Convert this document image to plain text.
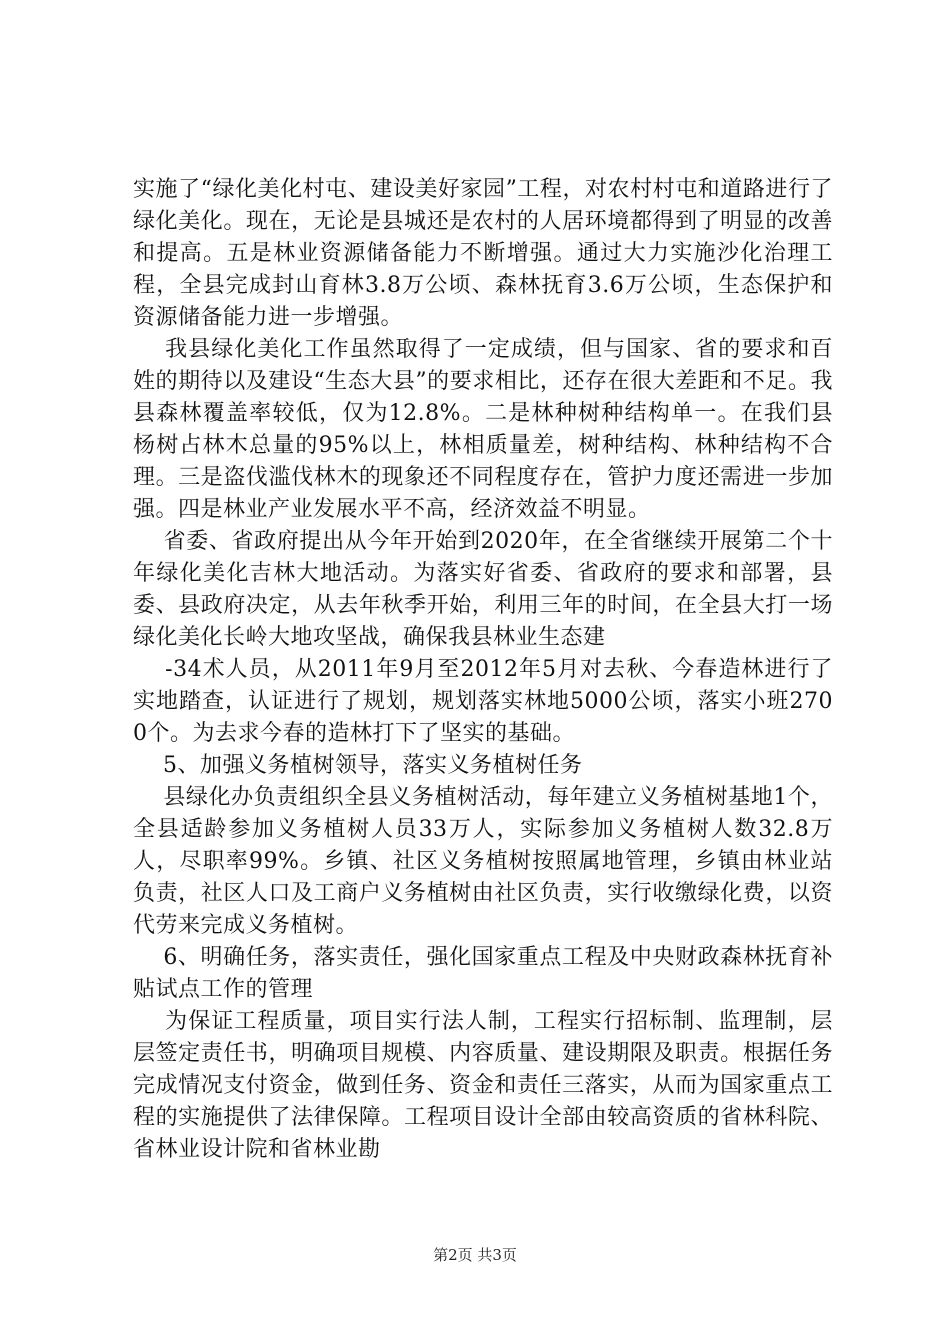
实施了“绿化美化村屯、建设美好家园”工程，对农村村屯和道路进行了绿化美化。现在，无论是县城还是农村的人居环境都得到了明显的改善和提高。五是林业资源储备能力不断增强。通过大力实施沙化治理工程，全县完成封山育林3.8万公顷、森林抚育3.6万公顷，生态保护和资源储备能力进一步增强。

我县绿化美化工作虽然取得了一定成绩，但与国家、省的要求和百姓的期待以及建设“生态大县”的要求相比，还存在很大差距和不足。我县森林覆盖率较低，仅为12.8%。二是林种树种结构单一。在我们县杨树占林木总量的95%以上，林相质量差，树种结构、林种结构不合理。三是盗伐滥伐林木的现象还不同程度存在，管护力度还需进一步加强。四是林业产业发展水平不高，经济效益不明显。

省委、省政府提出从今年开始到2020年，在全省继续开展第二个十年绿化美化吉林大地活动。为落实好省委、省政府的要求和部署，县委、县政府决定，从去年秋季开始，利用三年的时间，在全县大打一场绿化美化长岭大地攻坚战，确保我县林业生态建

-34术人员，从2011年9月至2012年5月对去秋、今春造林进行了实地踏查，认证进行了规划，规划落实林地5000公顷，落实小班2700个。为去求今春的造林打下了坚实的基础。

5、加强义务植树领导，落实义务植树任务

县绿化办负责组织全县义务植树活动，每年建立义务植树基地1个，全县适龄参加义务植树人员33万人，实际参加义务植树人数32.8万人，尽职率99%。乡镇、社区义务植树按照属地管理，乡镇由林业站负责，社区人口及工商户义务植树由社区负责，实行收缴绿化费，以资代劳来完成义务植树。

6、明确任务，落实责任，强化国家重点工程及中央财政森林抚育补贴试点工作的管理

为保证工程质量，项目实行法人制，工程实行招标制、监理制，层层签定责任书，明确项目规模、内容质量、建设期限及职责。根据任务完成情况支付资金，做到任务、资金和责任三落实，从而为国家重点工程的实施提供了法律保障。工程项目设计全部由较高资质的省林科院、省林业设计院和省林业勘

第2页 共3页
